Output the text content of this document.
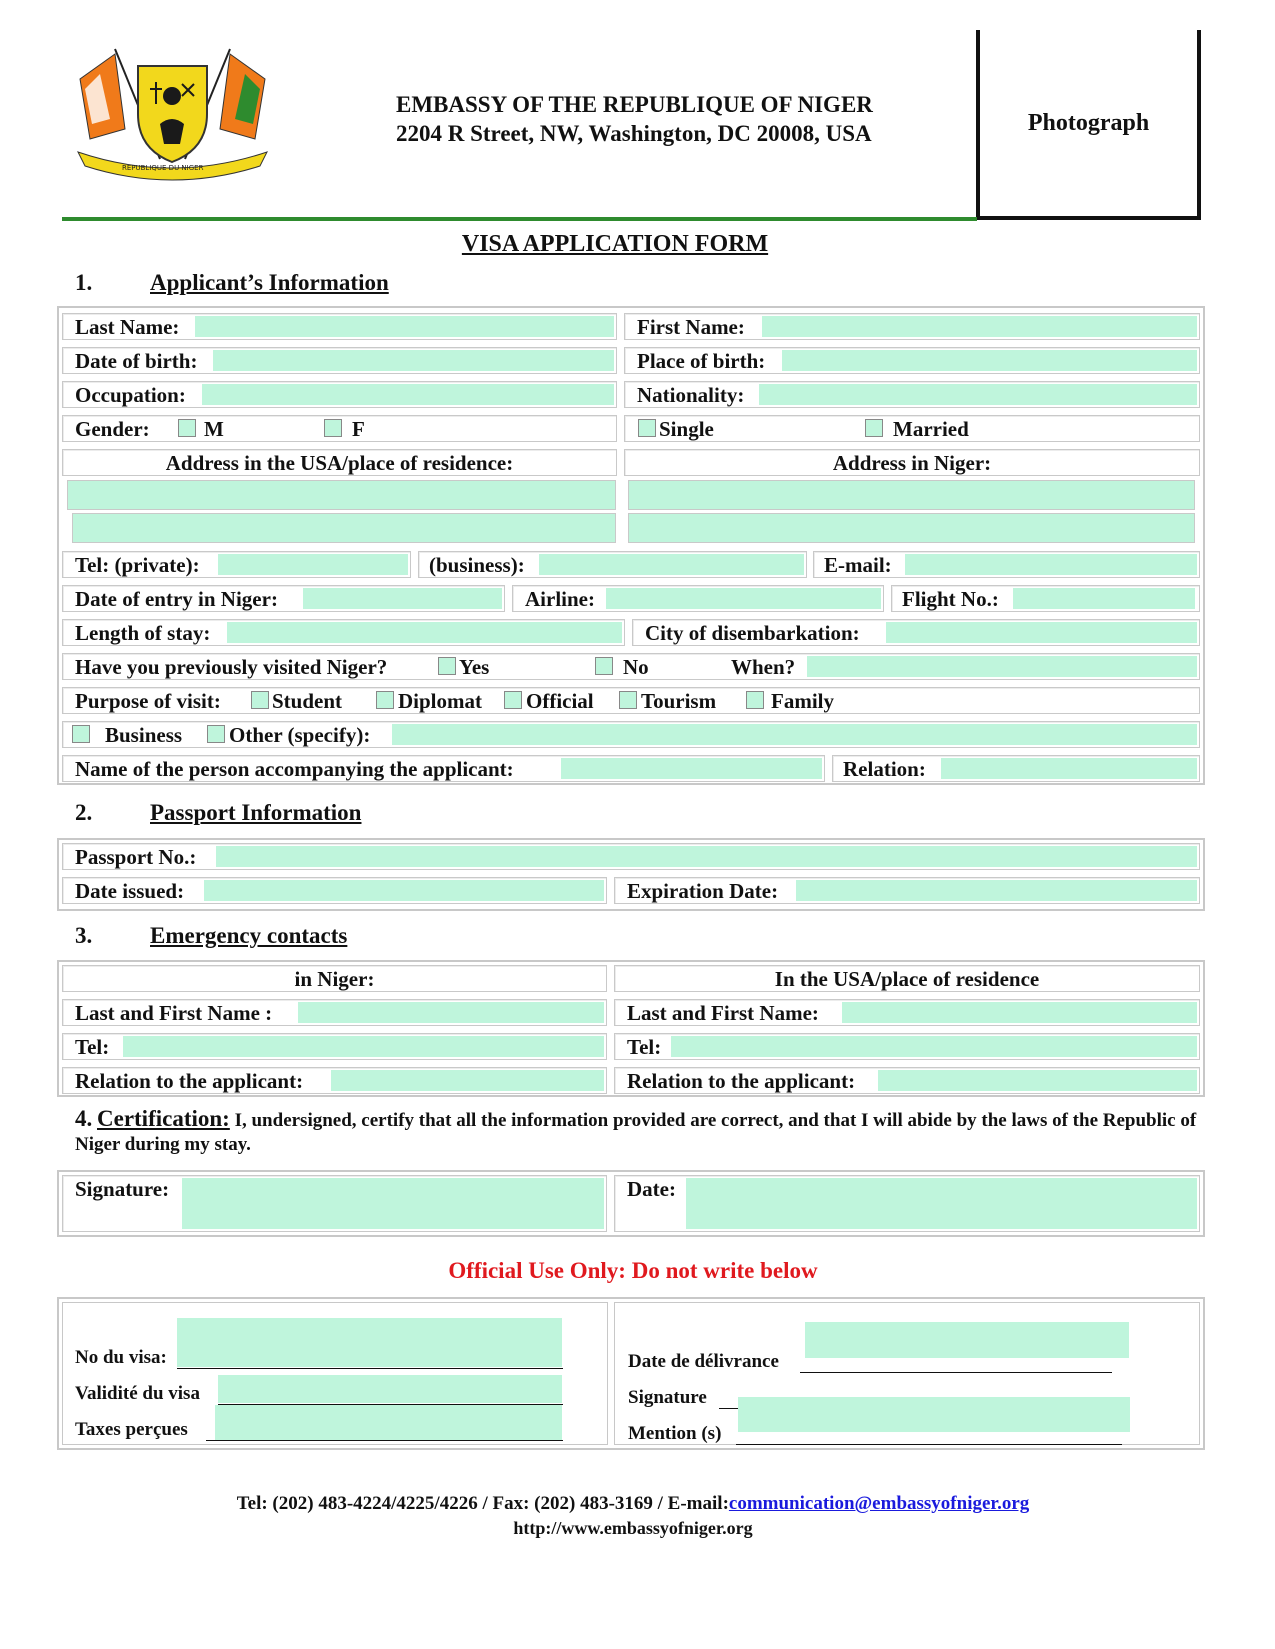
REPUBLIQUE DU NIGER
EMBASSY OF THE REPUBLIQUE OF NIGER
2204 R Street, NW, Washington, DC 20008, USA	Photograph
VISA APPLICATION FORM
1.	Applicant’s Information
Last Name:	First Name:
Date of birth:	Place of birth:
Occupation:	Nationality:
Gender:	M	F	Single	Married
Address in the USA/place of residence:	Address in Niger:
Tel: (private):	(business):	E-mail:
Date of entry in Niger:	Airline:	Flight No.:
Length of stay:	City of disembarkation:
Have you previously visited Niger?	Yes	No	When?
Purpose of visit: Student	Diplomat Official Tourism	Family
Business Other (specify):
Name of the person accompanying the applicant:	Relation:
2.	Passport Information
Passport No.:
Date issued:	Expiration Date:
3.	Emergency contacts
in Niger:	In the USA/place of residence
Last and First Name :	Last and First Name:
Tel:	Tel:
Relation to the applicant:	Relation to the applicant:
4. Certification: I, undersigned, certify that all the information provided are correct, and that I will abide by the laws of the Republic of Niger during my stay.
Signature:	Date:
Official Use Only: Do not write below
No du visa:
Validité du visa
Taxes perçues
Date de délivrance
Signature
Mention (s)
Tel: (202) 483-4224/4225/4226 / Fax: (202) 483-3169 / E-mail:communication@embassyofniger.org
http://www.embassyofniger.org
